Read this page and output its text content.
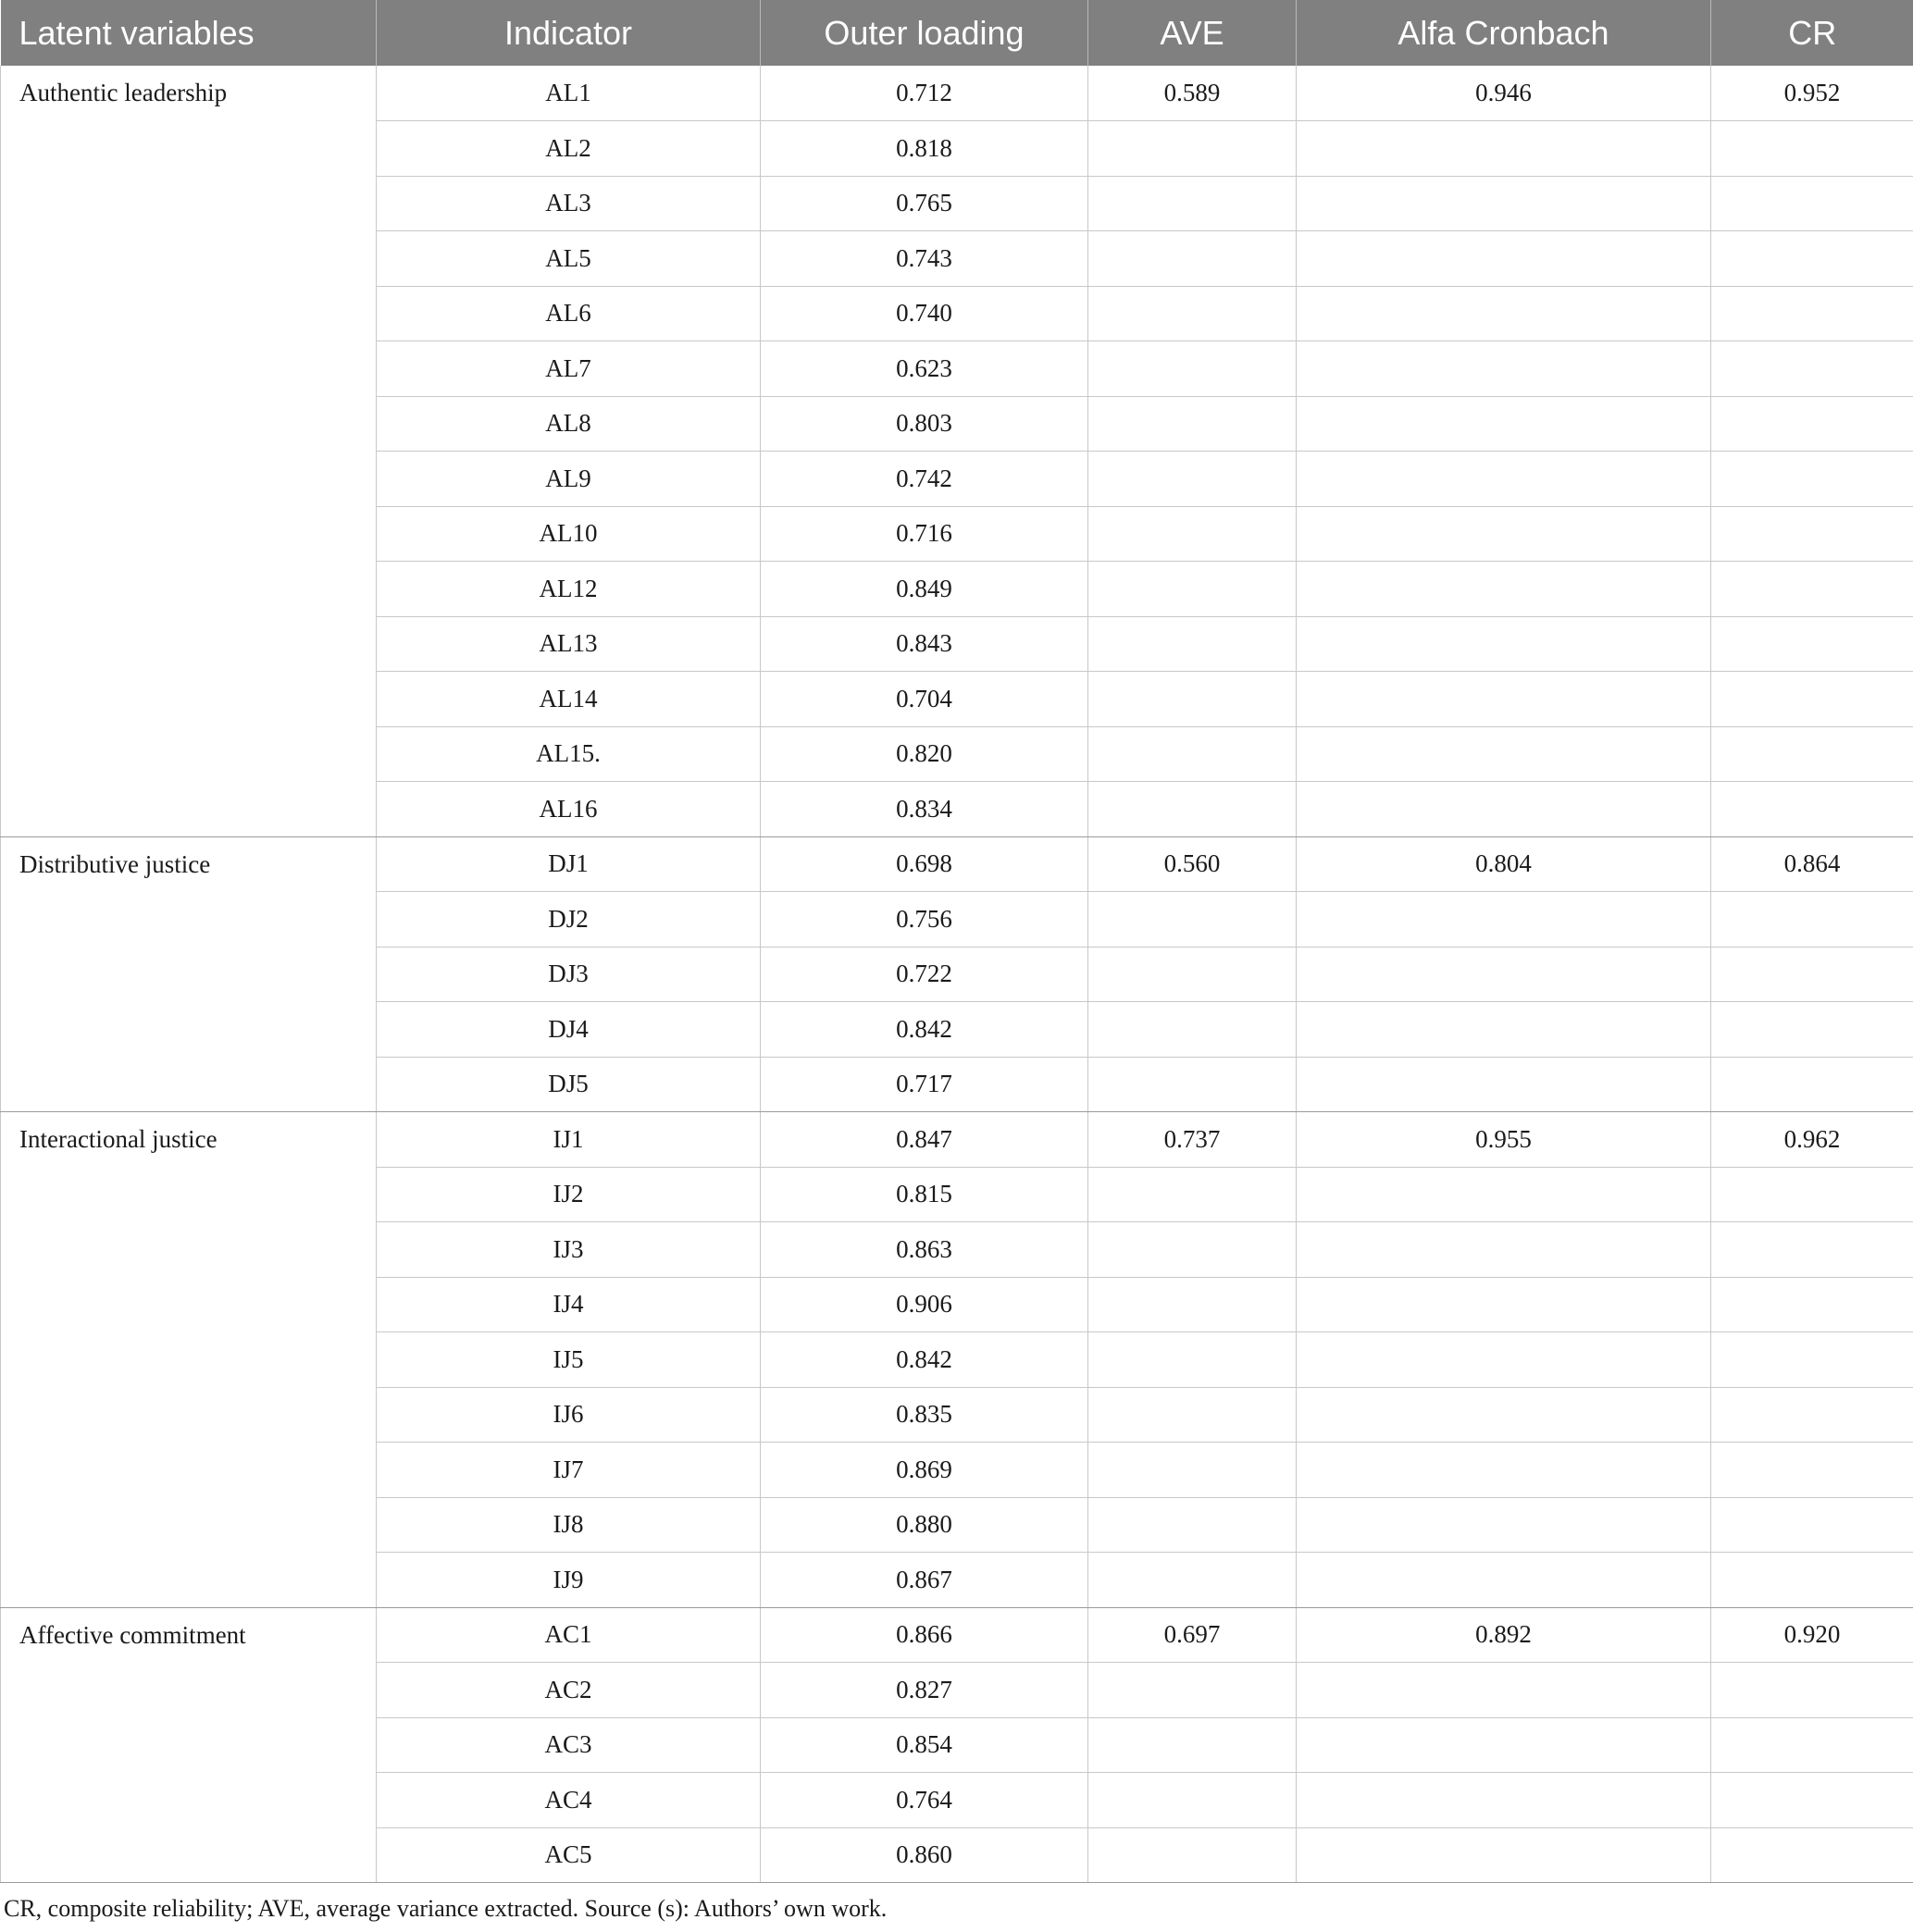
Latent variables	Indicator	Outer loading	AVE	Alfa Cronbach	CR
Authentic leadership	AL1	0.712	0.589	0.946	0.952
	AL2	0.818			
	AL3	0.765			
	AL5	0.743			
	AL6	0.740			
	AL7	0.623			
	AL8	0.803			
	AL9	0.742			
	AL10	0.716			
	AL12	0.849			
	AL13	0.843			
	AL14	0.704			
	AL15.	0.820			
	AL16	0.834			
Distributive justice	DJ1	0.698	0.560	0.804	0.864
	DJ2	0.756			
	DJ3	0.722			
	DJ4	0.842			
	DJ5	0.717			
Interactional justice	IJ1	0.847	0.737	0.955	0.962
	IJ2	0.815			
	IJ3	0.863			
	IJ4	0.906			
	IJ5	0.842			
	IJ6	0.835			
	IJ7	0.869			
	IJ8	0.880			
	IJ9	0.867			
Affective commitment	AC1	0.866	0.697	0.892	0.920
	AC2	0.827			
	AC3	0.854			
	AC4	0.764			
	AC5	0.860			
CR, composite reliability; AVE, average variance extracted. Source (s): Authors’ own work.
